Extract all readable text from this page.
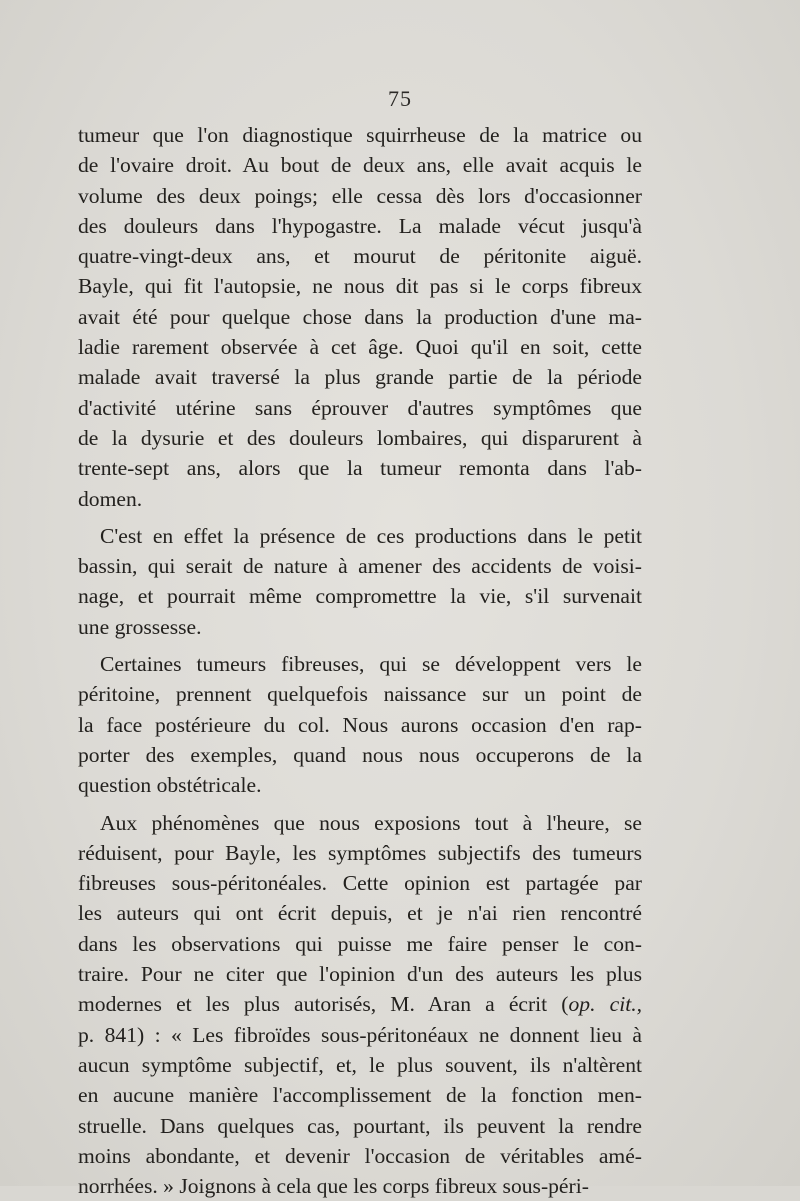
75
tumeur que l'on diagnostique squirrheuse de la matrice ou
de l'ovaire droit. Au bout de deux ans, elle avait acquis le
volume des deux poings; elle cessa dès lors d'occasionner
des douleurs dans l'hypogastre. La malade vécut jusqu'à
quatre-vingt-deux ans, et mourut de péritonite aiguë.
Bayle, qui fit l'autopsie, ne nous dit pas si le corps fibreux
avait été pour quelque chose dans la production d'une ma-
ladie rarement observée à cet âge. Quoi qu'il en soit, cette
malade avait traversé la plus grande partie de la période
d'activité utérine sans éprouver d'autres symptômes que
de la dysurie et des douleurs lombaires, qui disparurent à
trente-sept ans, alors que la tumeur remonta dans l'ab-
domen.
C'est en effet la présence de ces productions dans le petit
bassin, qui serait de nature à amener des accidents de voisi-
nage, et pourrait même compromettre la vie, s'il survenait
une grossesse.
Certaines tumeurs fibreuses, qui se développent vers le
péritoine, prennent quelquefois naissance sur un point de
la face postérieure du col. Nous aurons occasion d'en rap-
porter des exemples, quand nous nous occuperons de la
question obstétricale.
Aux phénomènes que nous exposions tout à l'heure, se
réduisent, pour Bayle, les symptômes subjectifs des tumeurs
fibreuses sous-péritonéales. Cette opinion est partagée par
les auteurs qui ont écrit depuis, et je n'ai rien rencontré
dans les observations qui puisse me faire penser le con-
traire. Pour ne citer que l'opinion d'un des auteurs les plus
modernes et les plus autorisés, M. Aran a écrit (op. cit.,
p. 841) : « Les fibroïdes sous-péritonéaux ne donnent lieu à
aucun symptôme subjectif, et, le plus souvent, ils n'altèrent
en aucune manière l'accomplissement de la fonction men-
struelle. Dans quelques cas, pourtant, ils peuvent la rendre
moins abondante, et devenir l'occasion de véritables amé-
norrhées. » Joignons à cela que les corps fibreux sous-péri-
